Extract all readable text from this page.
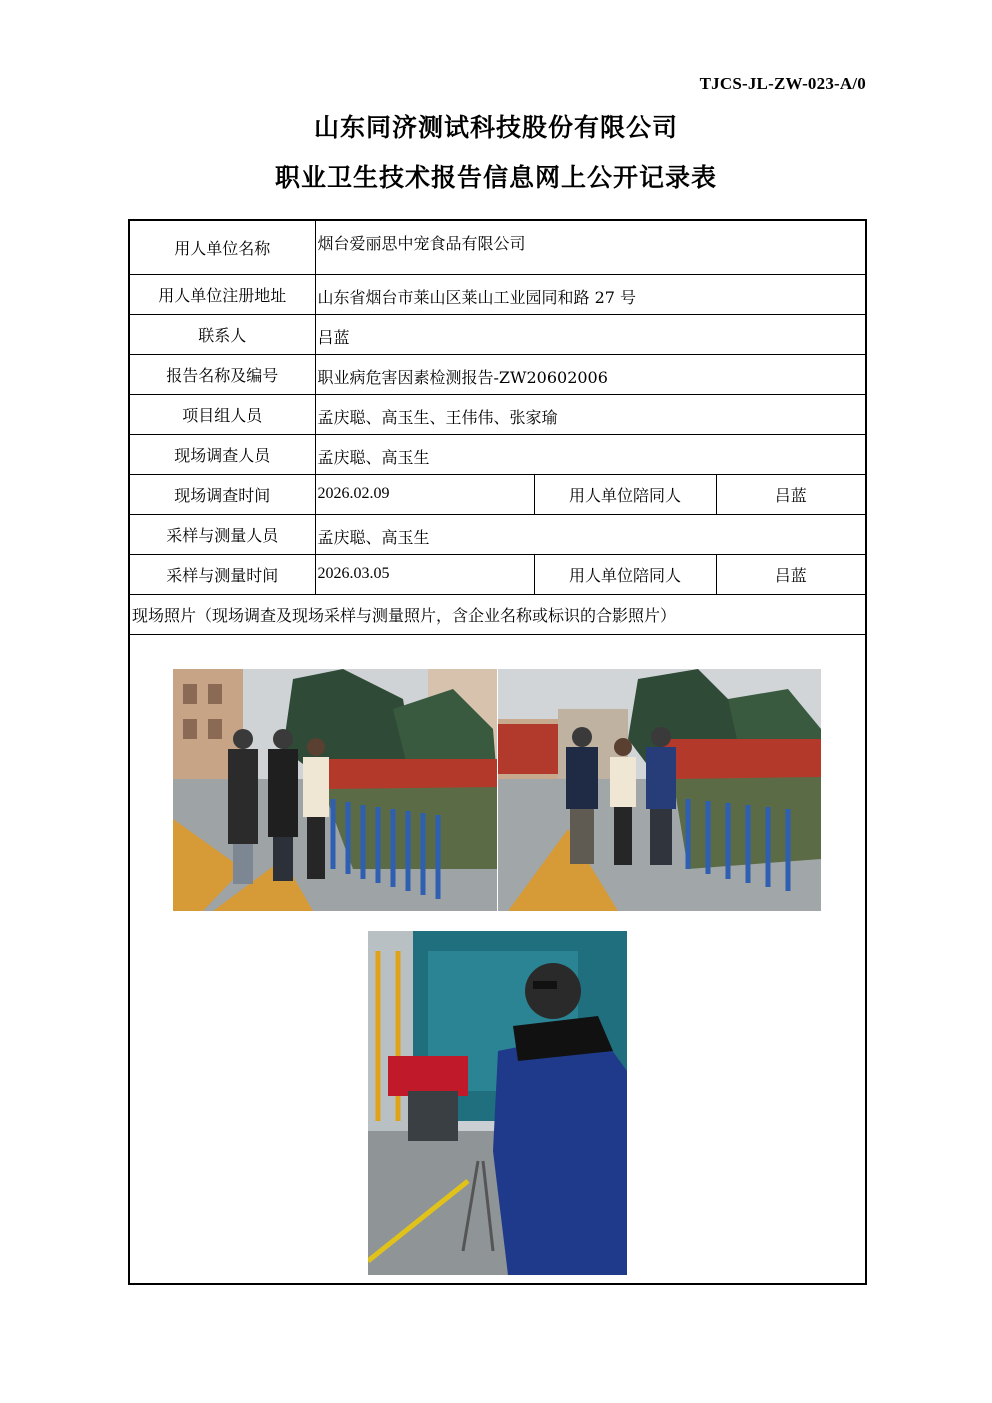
TJCS-JL-ZW-023-A/0
山东同济测试科技股份有限公司
职业卫生技术报告信息网上公开记录表
用人单位名称	烟台爱丽思中宠食品有限公司		
用人单位注册地址	山东省烟台市莱山区莱山工业园同和路 27 号		
联系人	吕蓝		
报告名称及编号	职业病危害因素检测报告-ZW20602006		
项目组人员	孟庆聪、高玉生、王伟伟、张家瑜		
现场调查人员	孟庆聪、高玉生		
现场调查时间	2026.02.09	用人单位陪同人	吕蓝
采样与测量人员	孟庆聪、高玉生		
采样与测量时间	2026.03.05	用人单位陪同人	吕蓝
现场照片（现场调查及现场采样与测量照片，含企业名称或标识的合影照片）			
